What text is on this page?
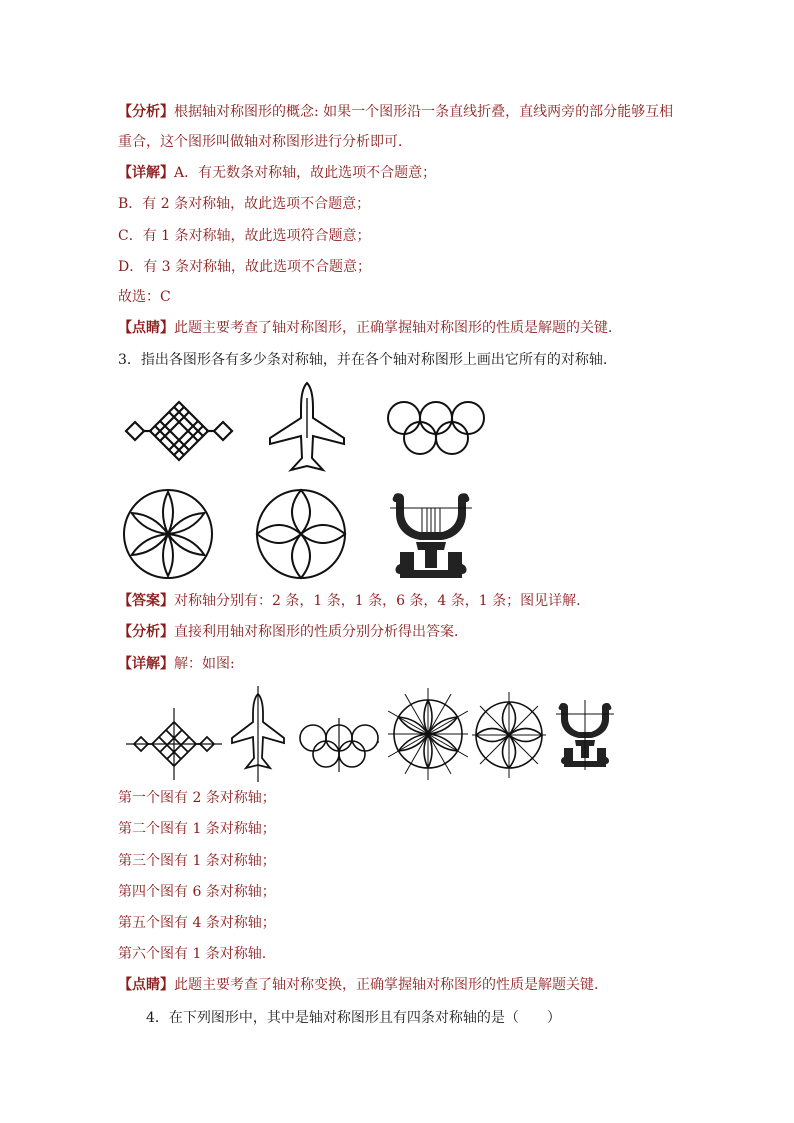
【分析】根据轴对称图形的概念: 如果一个图形沿一条直线折叠，直线两旁的部分能够互相
重合，这个图形叫做轴对称图形进行分析即可．
【详解】A．有无数条对称轴，故此选项不合题意；
B．有 2 条对称轴，故此选项不合题意；
C．有 1 条对称轴，故此选项符合题意；
D．有 3 条对称轴，故此选项不合题意；
故选：C
【点睛】此题主要考查了轴对称图形，正确掌握轴对称图形的性质是解题的关键．
3．指出各图形各有多少条对称轴，并在各个轴对称图形上画出它所有的对称轴.
【答案】对称轴分别有：2 条，1 条，1 条，6 条，4 条，1 条；图见详解.
【分析】直接利用轴对称图形的性质分别分析得出答案．
【详解】解：如图:
第一个图有 2 条对称轴；
第二个图有 1 条对称轴；
第三个图有 1 条对称轴；
第四个图有 6 条对称轴；
第五个图有 4 条对称轴；
第六个图有 1 条对称轴.
【点睛】此题主要考查了轴对称变换，正确掌握轴对称图形的性质是解题关键．
4．在下列图形中，其中是轴对称图形且有四条对称轴的是（　　）
